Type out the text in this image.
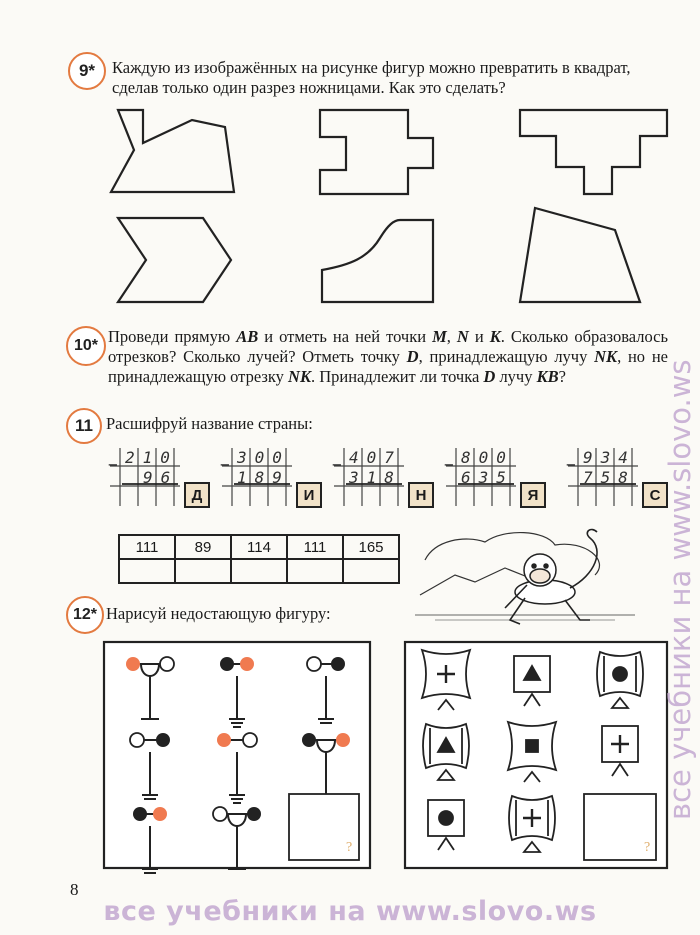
9*	Каждую из изображённых на рисунке фигур можно превратить в квадрат, сделав только один разрез ножницами. Как это сделать?
10* Проведи прямую AB и отметь на ней точки M, N и K. Сколько образовалось отрезков? Сколько лучей? Отметь точку D, принадлежащую лучу NK, но не принадлежащую отрезку NK. Принадлежит ли точка D лучу KB?
11 Расшифруй название страны:
−	−	−	−	−
210
96
Д
300
189
И
407
318
Н
800
635
Я
934
758
С
111	89	114	111	165

12* Нарисуй недостающую фигуру:
?	?
все учебники на www.slovo.ws
8
все учебники на www.slovo.ws
